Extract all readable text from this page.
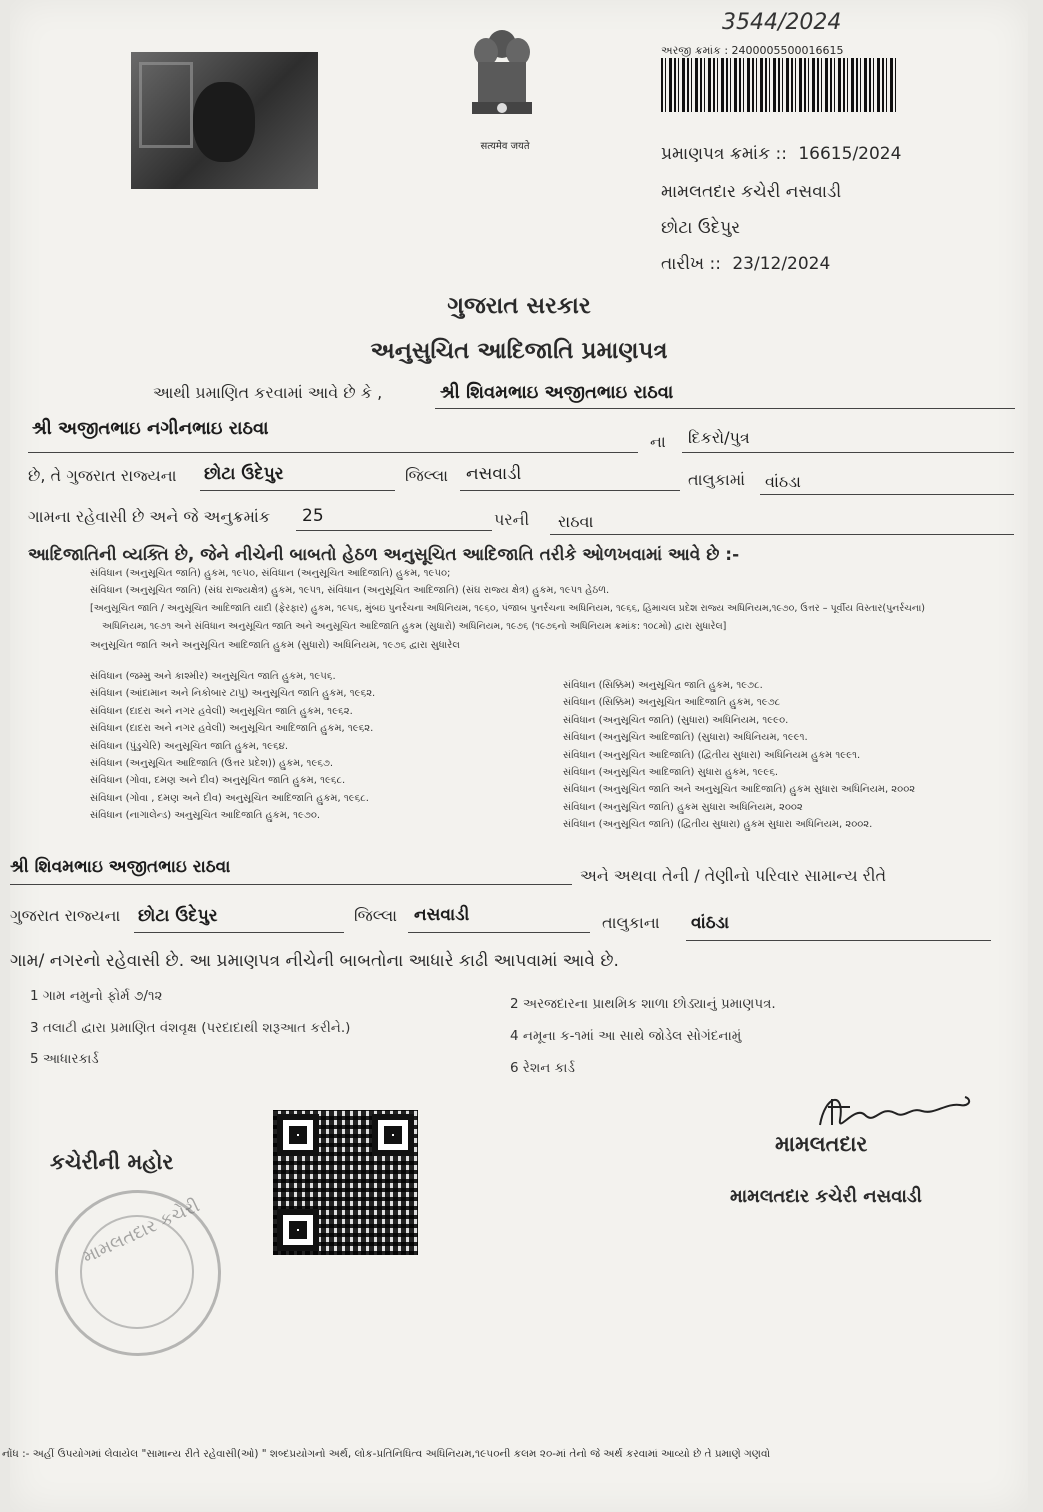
सत्यमेव जयते
3544/2024
અરજી ક્રમાંક : 2400005500016615
પ્રમાણપત્ર ક્રમાંક :: 16615/2024
મામલતદાર કચેરી નસવાડી
છોટા ઉદેપુર
તારીખ :: 23/12/2024
ગુજરાત સરકાર
અનુસુચિત આદિજાતિ પ્રમાણપત્ર
આથી પ્રમાણિત કરવામાં આવે છે કે ,	શ્રી શિવમભાઇ અજીતભાઇ રાઠવા
શ્રી અજીતભાઇ નગીનભાઇ રાઠવા
ના દિકરો/પુત્ર
છે, તે ગુજરાત રાજ્યના છોટા ઉદેપુર	જિલ્લા નસવાડી	તાલુકામાં વાંઠડા
ગામના રહેવાસી છે અને જે અનુક્રમાંક 25	પરની રાઠવા
આદિજાતિની વ્યક્તિ છે, જેને નીચેની બાબતો હેઠળ અનુસૂચિત આદિજાતિ તરીકે ઓળખવામાં આવે છે :-
સંવિધાન (અનુસૂચિત જાતિ) હુકમ, ૧૯૫૦, સંવિધાન (અનુસૂચિત આદિજાતિ) હુકમ, ૧૯૫૦;
સંવિધાન (અનુસૂચિત જાતિ) (સંઘ રાજ્યક્ષેત્ર) હુકમ, ૧૯૫૧, સંવિધાન (અનુસૂચિત આદિજાતિ) (સંઘ રાજ્ય ક્ષેત્ર) હુકમ, ૧૯૫૧ હેઠળ.
[અનુસૂચિત જાતિ / અનુસૂચિત આદિજાતિ યાદી (ફેરફાર) હુકમ, ૧૯૫૬, મુંબઇ પુનર્રચના અધિનિયમ, ૧૯૬૦, પંજાબ પુનર્રચના અધિનિયમ, ૧૯૬૬, હિમાચલ પ્રદેશ રાજ્ય અધિનિયમ,૧૯૭૦, ઉત્તર – પૂર્વીય વિસ્તાર(પુનર્રચના)
અધિનિયમ, ૧૯૭૧ અને સંવિધાન અનુસૂચિત જાતિ અને અનુસૂચિત આદિજાતિ હુકમ (સુધારો) અધિનિયમ, ૧૯૭૬ (૧૯૭૬નો અધિનિયમ ક્રમાંક: ૧૦૮મો) દ્વારા સુધારેલ]
અનુસૂચિત જાતિ અને અનુસૂચિત આદિજાતિ હુકમ (સુધારો) અધિનિયમ, ૧૯૭૬ દ્વારા સુધારેલ
સંવિધાન (જમ્મુ અને કાશ્મીર) અનુસૂચિત જાતિ હુકમ, ૧૯૫૬.
સંવિધાન (આંદામાન અને નિકોબાર ટાપુ) અનુસૂચિત જાતિ હુકમ, ૧૯૬૨.
સંવિધાન (દાદરા અને નગર હવેલી) અનુસૂચિત જાતિ હુકમ, ૧૯૬૨.
સંવિધાન (દાદરા અને નગર હવેલી) અનુસૂચિત આદિજાતિ હુકમ, ૧૯૬૨.
સંવિધાન (પુંડુચેરિ) અનુસૂચિત જાતિ હુકમ, ૧૯૬૪.
સંવિધાન (અનુસૂચિત આદિજાતિ (ઉત્તર પ્રદેશ)) હુકમ, ૧૯૬૭.
સંવિધાન (ગોવા, દમણ અને દીવ) અનુસૂચિત જાતિ હુકમ, ૧૯૬૮.
સંવિધાન (ગોવા , દમણ અને દીવ) અનુસૂચિત આદિજાતિ હુકમ, ૧૯૬૮.
સંવિધાન (નાગાલેન્ડ) અનુસૂચિત આદિજાતિ હુકમ, ૧૯૭૦.
સંવિધાન (સિક્કિમ) અનુસૂચિત જાતિ હુકમ, ૧૯૭૮.
સંવિધાન (સિક્કિમ) અનુસૂચિત આદિજાતિ હુકમ, ૧૯૭૮
સંવિધાન (અનુસૂચિત જાતિ) (સુધારા) અધિનિયમ, ૧૯૯૦.
સંવિધાન (અનુસૂચિત આદિજાતિ) (સુધારા) અધિનિયમ, ૧૯૯૧.
સંવિધાન (અનુસૂચિત આદિજાતિ) (દ્વિતીય સુધારા) અધિનિયમ હુકમ ૧૯૯૧.
સંવિધાન (અનુસૂચિત આદિજાતિ) સુધારા હુકમ, ૧૯૯૬.
સંવિધાન (અનુસૂચિત જાતિ અને અનુસૂચિત આદિજાતિ) હુકમ સુધારા અધિનિયમ, ૨૦૦૨
સંવિધાન (અનુસૂચિત જાતિ) હુકમ સુધારા અધિનિયમ, ૨૦૦૨
સંવિધાન (અનુસૂચિત જાતિ) (દ્વિતીય સુધારા) હુકમ સુધારા અધિનિયમ, ૨૦૦૨.
શ્રી શિવમભાઇ અજીતભાઇ રાઠવા	અને અથવા તેની / તેણીનો પરિવાર સામાન્ય રીતે
ગુજરાત રાજ્યના છોટા ઉદેપુર	જિલ્લા નસવાડી	તાલુકાના વાંઠડા
ગામ/ નગરનો રહેવાસી છે. આ પ્રમાણપત્ર નીચેની બાબતોના આધારે કાઢી આપવામાં આવે છે.
1 ગામ નમુનો ફોર્મ ૭/૧૨	2 અરજદારના પ્રાથમિક શાળા છોડ્યાનું પ્રમાણપત્ર.
3 તલાટી દ્વારા પ્રમાણિત વંશવૃક્ષ (પરદાદાથી શરૂઆત કરીને.)	4 નમૂના ક-૧માં આ સાથે જોડેલ સોગંદનામું
5 આધારકાર્ડ
6 રેશન કાર્ડ
કચેરીની મહોર
મામલતદાર કચેરી
મામલતદાર
મામલતદાર કચેરી નસવાડી
નોંધ :- અહીં ઉપયોગમાં લેવાયેલ "સામાન્ય રીતે રહેવાસી(ઓ) " શબ્દપ્રયોગનો અર્થ, લોક-પ્રતિનિધિત્વ અધિનિયમ,૧૯૫૦ની કલમ ૨૦-માં તેનો જે અર્થ કરવામાં આવ્યો છે તે પ્રમાણે ગણવો
